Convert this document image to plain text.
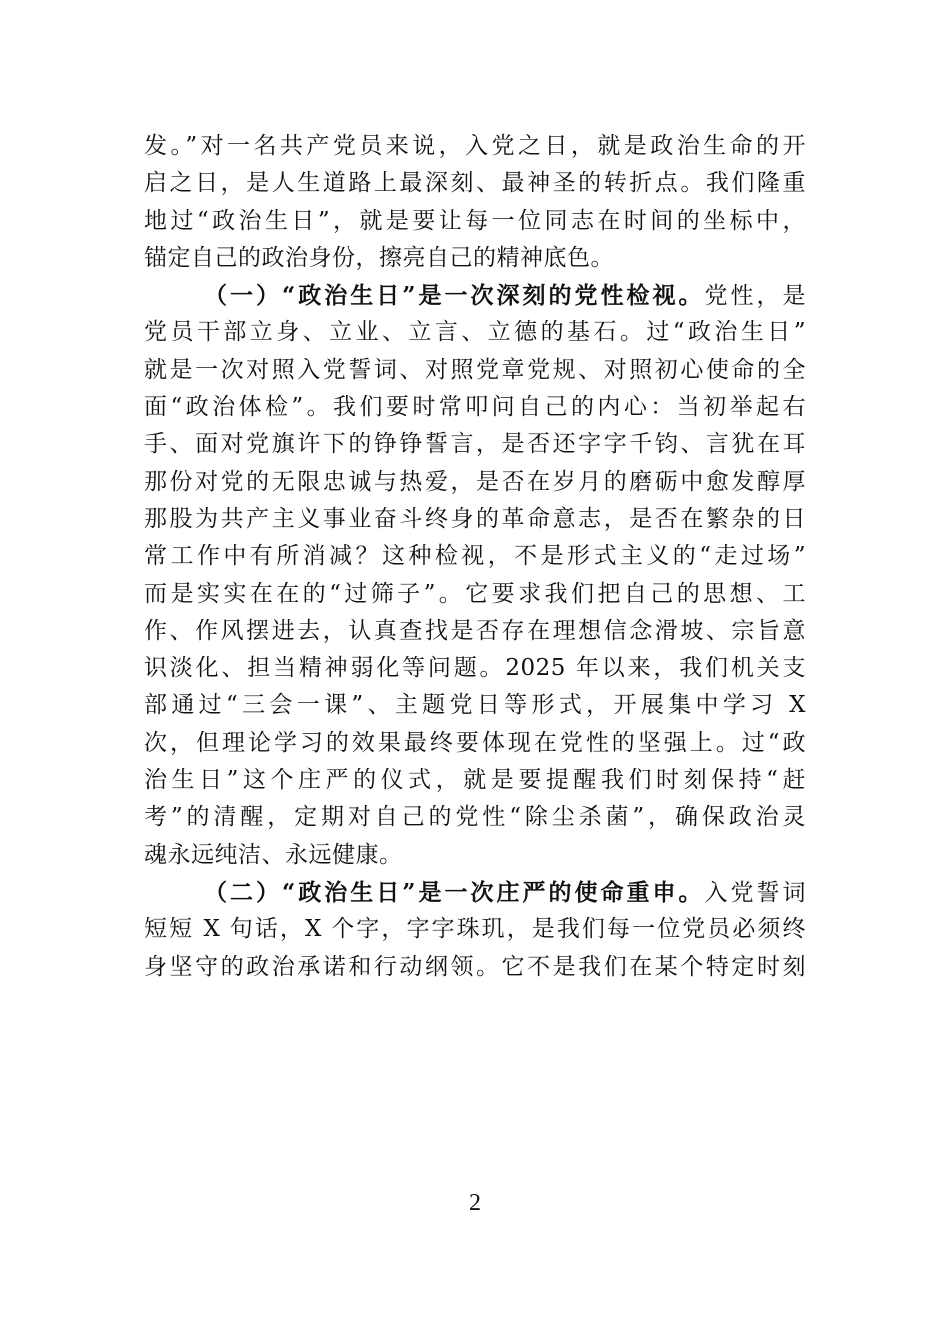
发。”对一名共产党员来说，入党之日，就是政治生命的开
启之日，是人生道路上最深刻、最神圣的转折点。我们隆重
地过“政治生日”，就是要让每一位同志在时间的坐标中，
锚定自己的政治身份，擦亮自己的精神底色。
（一）“政治生日”是一次深刻的党性检视。党性，是
党员干部立身、立业、立言、立德的基石。过“政治生日”
就是一次对照入党誓词、对照党章党规、对照初心使命的全
面“政治体检”。我们要时常叩问自己的内心：当初举起右
手、面对党旗许下的铮铮誓言，是否还字字千钧、言犹在耳
那份对党的无限忠诚与热爱，是否在岁月的磨砺中愈发醇厚
那股为共产主义事业奋斗终身的革命意志，是否在繁杂的日
常工作中有所消减？这种检视，不是形式主义的“走过场”
而是实实在在的“过筛子”。它要求我们把自己的思想、工
作、作风摆进去，认真查找是否存在理想信念滑坡、宗旨意
识淡化、担当精神弱化等问题。2025 年以来，我们机关支
部通过“三会一课”、主题党日等形式，开展集中学习 X
次，但理论学习的效果最终要体现在党性的坚强上。过“政
治生日”这个庄严的仪式，就是要提醒我们时刻保持“赶
考”的清醒，定期对自己的党性“除尘杀菌”，确保政治灵
魂永远纯洁、永远健康。
（二）“政治生日”是一次庄严的使命重申。入党誓词
短短 X 句话，X 个字，字字珠玑，是我们每一位党员必须终
身坚守的政治承诺和行动纲领。它不是我们在某个特定时刻
2
